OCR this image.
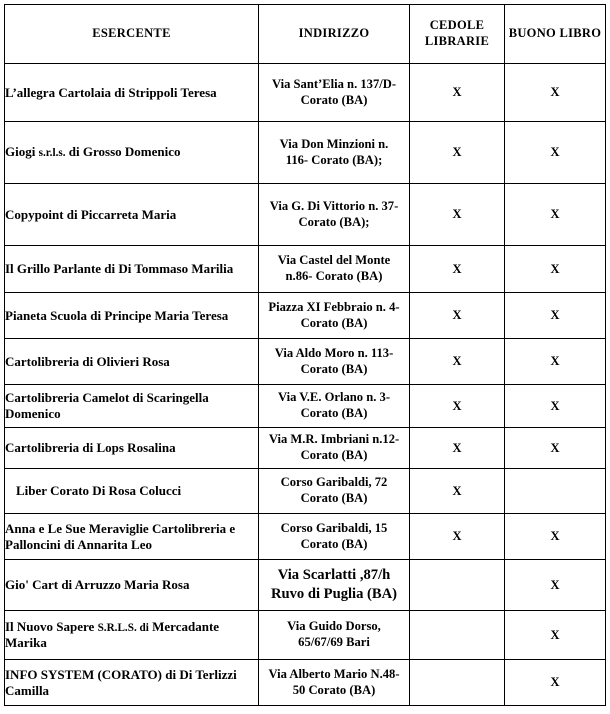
ESERCENTE	INDIRIZZO	CEDOLE
LIBRARIE	BUONO LIBRO
L’allegra Cartolaia di Strippoli Teresa	Via Sant’Elia n. 137/D-
Corato (BA)	X	X
Giogi s.r.l.s. di Grosso Domenico	Via Don Minzioni n.
116- Corato (BA);	X	X
Copypoint di Piccarreta Maria	Via G. Di Vittorio n. 37-
Corato (BA);	X	X
Il Grillo Parlante di Di Tommaso Marilia	Via Castel del Monte
n.86- Corato (BA)	X	X
Pianeta Scuola di Principe Maria Teresa	Piazza XI Febbraio n. 4-
Corato (BA)	X	X
Cartolibreria di Olivieri Rosa	Via Aldo Moro n. 113-
Corato (BA)	X	X
Cartolibreria Camelot di Scaringella Domenico	Via V.E. Orlano n. 3-
Corato (BA)	X	X
Cartolibreria di Lops Rosalina	Via M.R. Imbriani n.12-
Corato (BA)	X	X
Liber Corato Di Rosa Colucci	Corso Garibaldi, 72
Corato (BA)	X	
Anna e Le Sue Meraviglie Cartolibreria e Palloncini di Annarita Leo	Corso Garibaldi, 15
Corato (BA)	X	X
Gio' Cart di Arruzzo Maria Rosa	Via Scarlatti ,87/h
Ruvo di Puglia (BA)		X
Il Nuovo Sapere S.R.L.S. di Mercadante Marika	Via Guido Dorso,
65/67/69 Bari		X
INFO SYSTEM (CORATO) di Di Terlizzi Camilla	Via Alberto Mario N.48-
50 Corato (BA)		X
